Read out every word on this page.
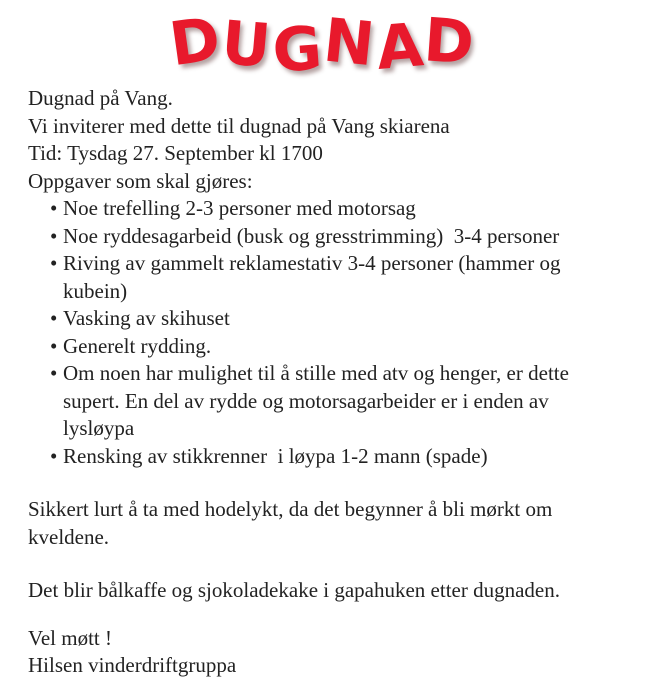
DUGNAD

Dugnad på Vang.

Vi inviterer med dette til dugnad på Vang skiarena

Tid: Tysdag 27. September kl 1700

Oppgaver som skal gjøres:

• Noe trefelling 2-3 personer med motorsag
• Noe ryddesagarbeid (busk og gresstrimming)  3-4 personer
• Riving av gammelt reklamestativ 3-4 personer (hammer og
kubein)
• Vasking av skihuset
• Generelt rydding.
• Om noen har mulighet til å stille med atv og henger, er dette
supert. En del av rydde og motorsagarbeider er i enden av
lysløypa
• Rensking av stikkrenner  i løypa 1-2 mann (spade)

Sikkert lurt å ta med hodelykt, da det begynner å bli mørkt om

kveldene.

Det blir bålkaffe og sjokoladekake i gapahuken etter dugnaden.

Vel møtt !

Hilsen vinderdriftgruppa
